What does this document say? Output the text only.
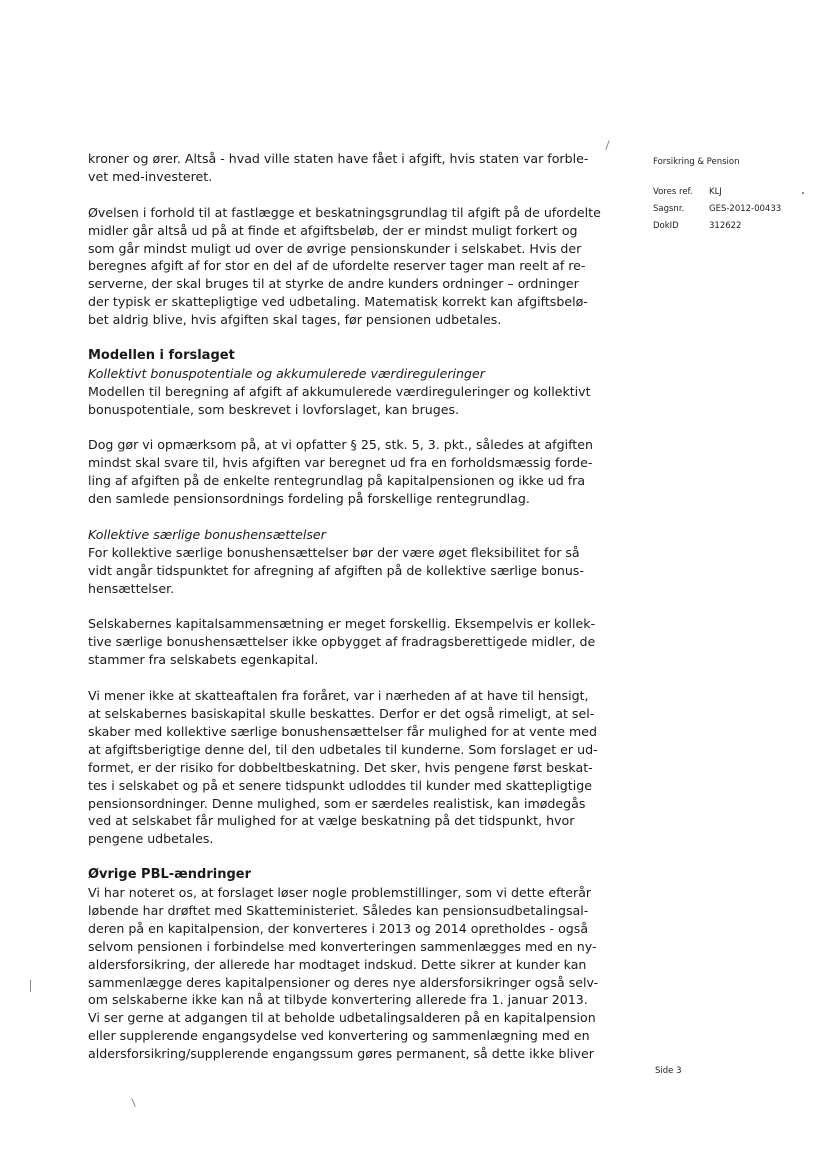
Forsikring & Pension
Vores ref.	KLJ
Sagsnr.	GES-2012-00433
DokID	312622

kroner og ører. Altså - hvad ville staten have fået i afgift, hvis staten var forble-
vet med-investeret.

Øvelsen i forhold til at fastlægge et beskatningsgrundlag til afgift på de ufordelte
midler går altså ud på at finde et afgiftsbeløb, der er mindst muligt forkert og
som går mindst muligt ud over de øvrige pensionskunder i selskabet. Hvis der
beregnes afgift af for stor en del af de ufordelte reserver tager man reelt af re-
serverne, der skal bruges til at styrke de andre kunders ordninger – ordninger
der typisk er skattepligtige ved udbetaling. Matematisk korrekt kan afgiftsbelø-
bet aldrig blive, hvis afgiften skal tages, før pensionen udbetales.

Modellen i forslaget

Kollektivt bonuspotentiale og akkumulerede værdireguleringer

Modellen til beregning af afgift af akkumulerede værdireguleringer og kollektivt
bonuspotentiale, som beskrevet i lovforslaget, kan bruges.

Dog gør vi opmærksom på, at vi opfatter § 25, stk. 5, 3. pkt., således at afgiften
mindst skal svare til, hvis afgiften var beregnet ud fra en forholdsmæssig forde-
ling af afgiften på de enkelte rentegrundlag på kapitalpensionen og ikke ud fra
den samlede pensionsordnings fordeling på forskellige rentegrundlag.

Kollektive særlige bonushensættelser

For kollektive særlige bonushensættelser bør der være øget fleksibilitet for så
vidt angår tidspunktet for afregning af afgiften på de kollektive særlige bonus-
hensættelser.

Selskabernes kapitalsammensætning er meget forskellig. Eksempelvis er kollek-
tive særlige bonushensættelser ikke opbygget af fradragsberettigede midler, de
stammer fra selskabets egenkapital.

Vi mener ikke at skatteaftalen fra foråret, var i nærheden af at have til hensigt,
at selskabernes basiskapital skulle beskattes. Derfor er det også rimeligt, at sel-
skaber med kollektive særlige bonushensættelser får mulighed for at vente med
at afgiftsberigtige denne del, til den udbetales til kunderne. Som forslaget er ud-
formet, er der risiko for dobbeltbeskatning. Det sker, hvis pengene først beskat-
tes i selskabet og på et senere tidspunkt udloddes til kunder med skattepligtige
pensionsordninger. Denne mulighed, som er særdeles realistisk, kan imødegås
ved at selskabet får mulighed for at vælge beskatning på det tidspunkt, hvor
pengene udbetales.

Øvrige PBL-ændringer

Vi har noteret os, at forslaget løser nogle problemstillinger, som vi dette efterår
løbende har drøftet med Skatteministeriet. Således kan pensionsudbetalingsal-
deren på en kapitalpension, der konverteres i 2013 og 2014 opretholdes - også
selvom pensionen i forbindelse med konverteringen sammenlægges med en ny-
aldersforsikring, der allerede har modtaget indskud. Dette sikrer at kunder kan
sammenlægge deres kapitalpensioner og deres nye aldersforsikringer også selv-
om selskaberne ikke kan nå at tilbyde konvertering allerede fra 1. januar 2013.
Vi ser gerne at adgangen til at beholde udbetalingsalderen på en kapitalpension
eller supplerende engangsydelse ved konvertering og sammenlægning med en
aldersforsikring/supplerende engangssum gøres permanent, så dette ikke bliver

Side 3
